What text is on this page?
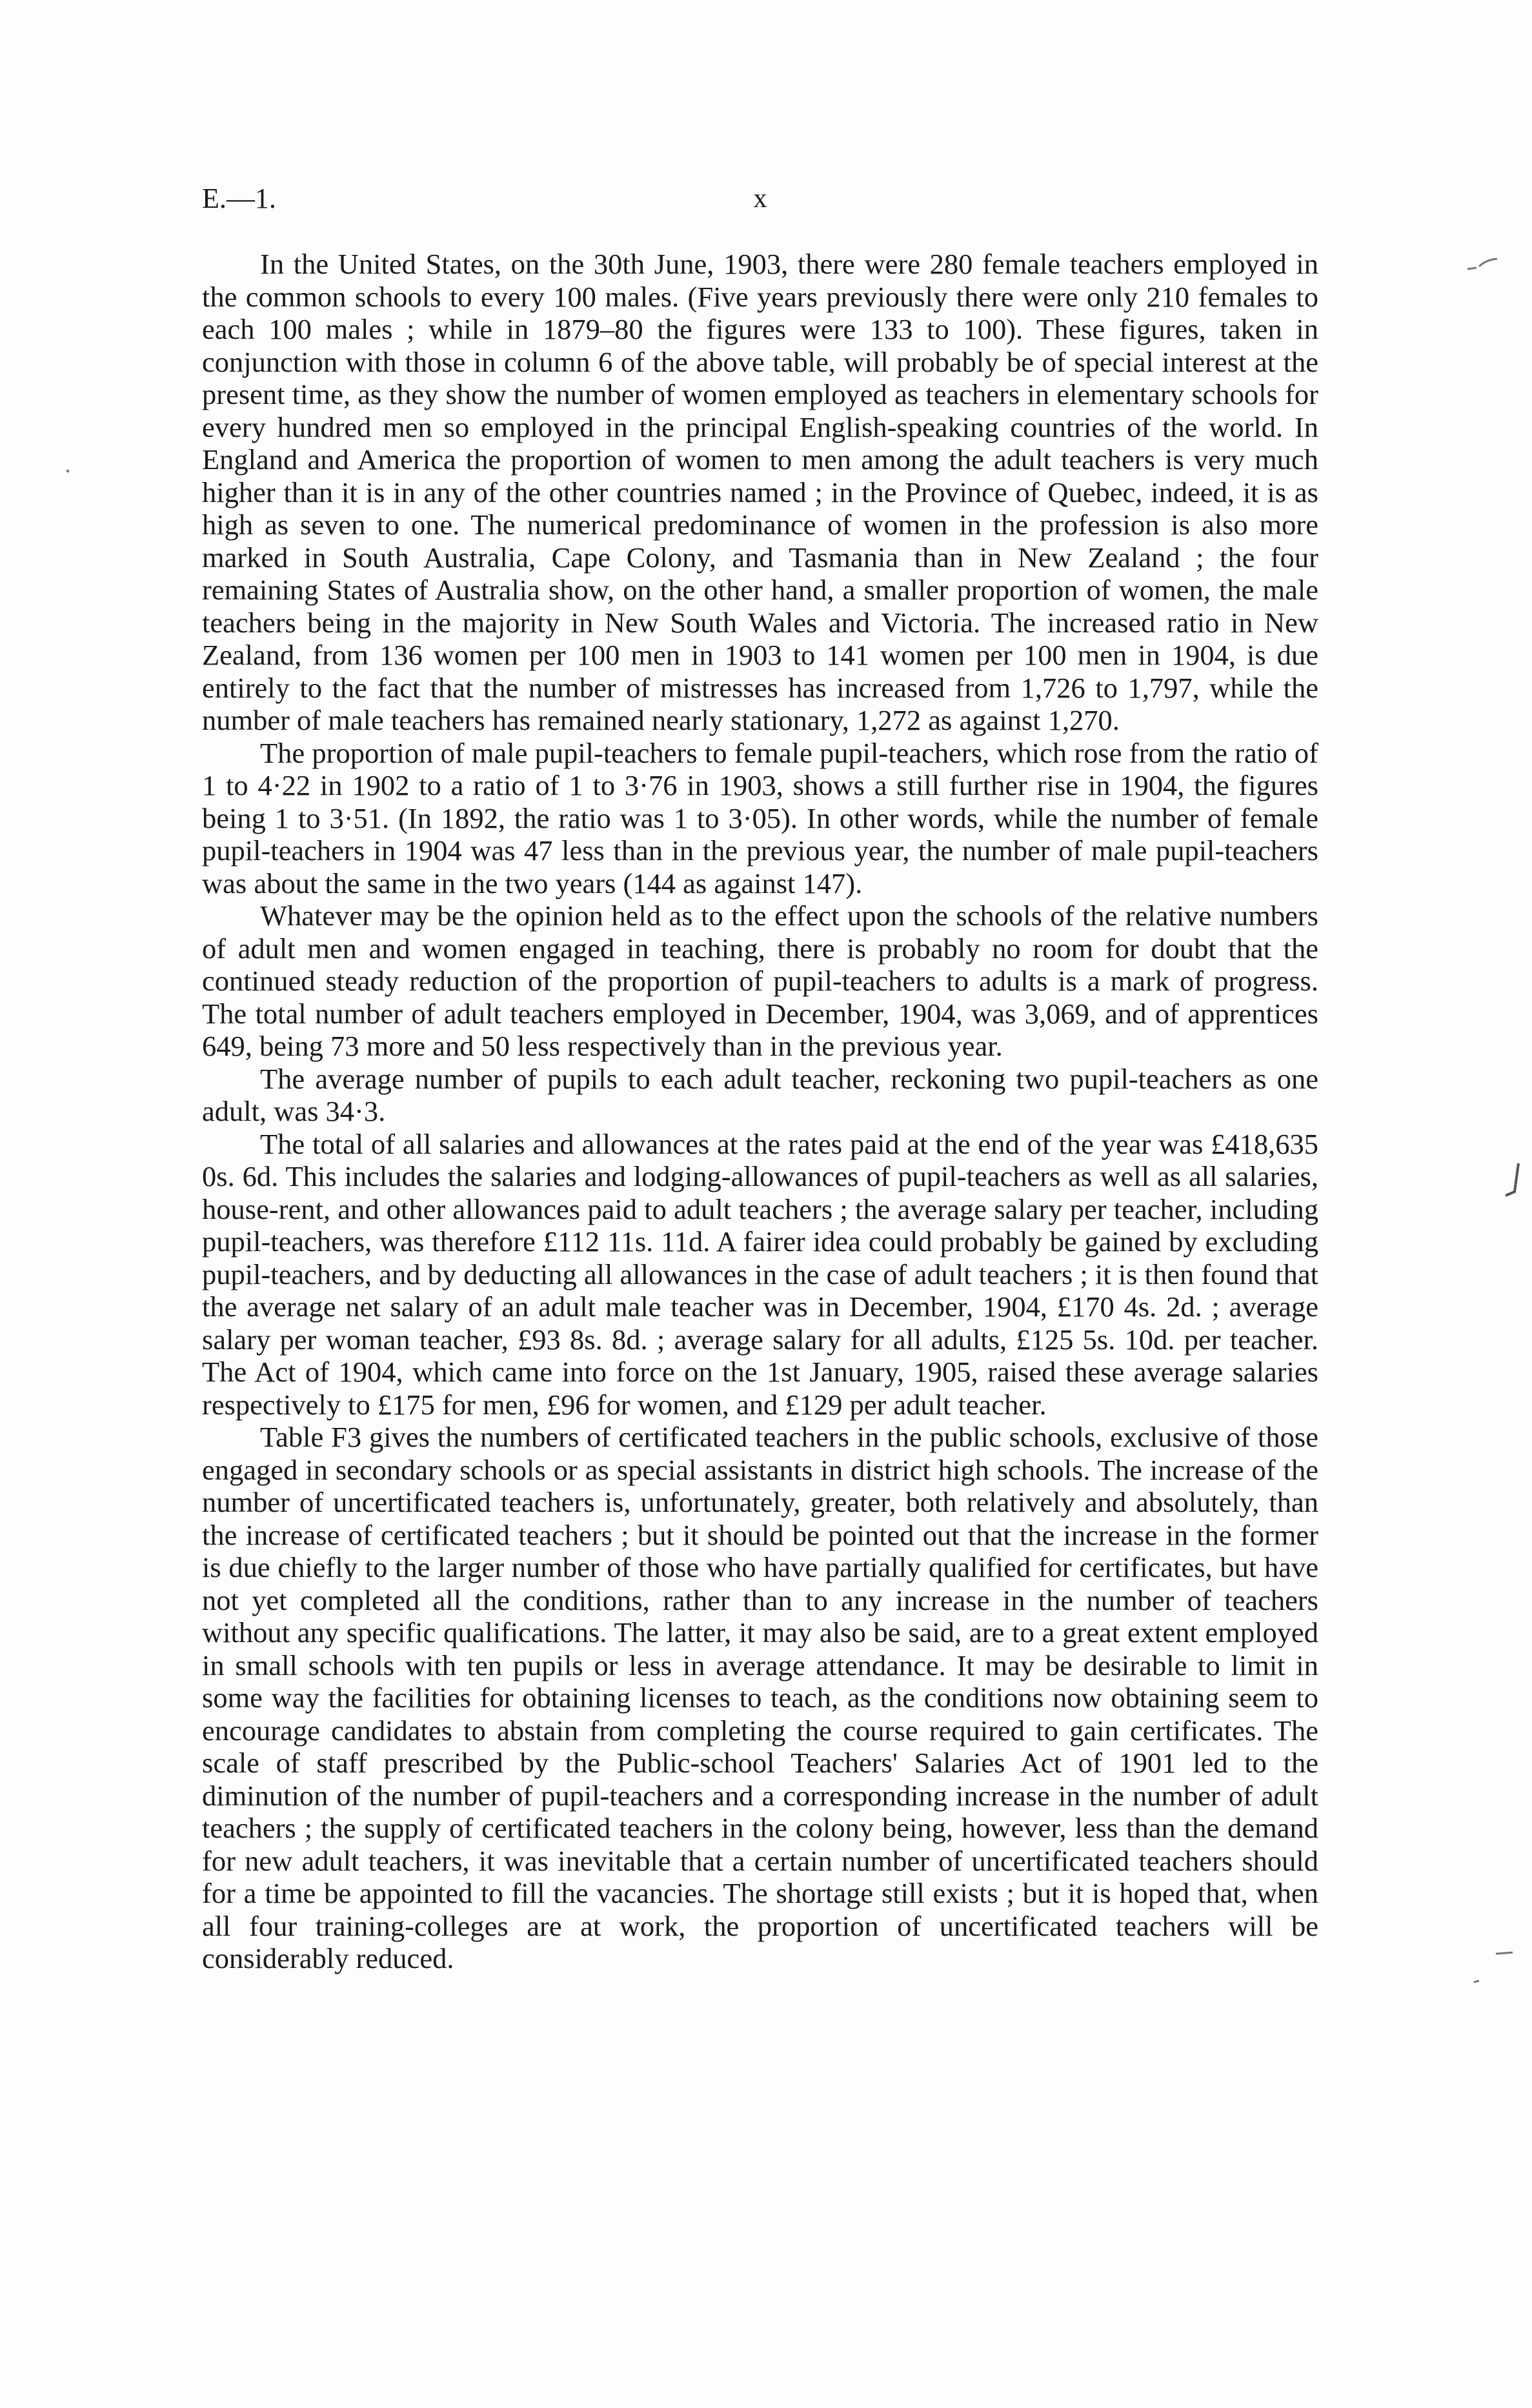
E.—1.	x

In the United States, on the 30th June, 1903, there were 280 female teachers employed in the common schools to every 100 males. (Five years previously there were only 210 females to each 100 males ; while in 1879–80 the figures were 133 to 100). These figures, taken in conjunction with those in column 6 of the above table, will probably be of special interest at the present time, as they show the number of women employed as teachers in elementary schools for every hundred men so employed in the principal English-speaking countries of the world. In England and America the proportion of women to men among the adult teachers is very much higher than it is in any of the other countries named ; in the Province of Quebec, indeed, it is as high as seven to one. The numerical predominance of women in the profession is also more marked in South Australia, Cape Colony, and Tasmania than in New Zealand ; the four remaining States of Australia show, on the other hand, a smaller proportion of women, the male teachers being in the majority in New South Wales and Victoria. The increased ratio in New Zealand, from 136 women per 100 men in 1903 to 141 women per 100 men in 1904, is due entirely to the fact that the number of mistresses has increased from 1,726 to 1,797, while the number of male teachers has remained nearly stationary, 1,272 as against 1,270.

The proportion of male pupil-teachers to female pupil-teachers, which rose from the ratio of 1 to 4·22 in 1902 to a ratio of 1 to 3·76 in 1903, shows a still further rise in 1904, the figures being 1 to 3·51. (In 1892, the ratio was 1 to 3·05). In other words, while the number of female pupil-teachers in 1904 was 47 less than in the previous year, the number of male pupil-teachers was about the same in the two years (144 as against 147).

Whatever may be the opinion held as to the effect upon the schools of the relative numbers of adult men and women engaged in teaching, there is probably no room for doubt that the continued steady reduction of the proportion of pupil-teachers to adults is a mark of progress. The total number of adult teachers employed in December, 1904, was 3,069, and of apprentices 649, being 73 more and 50 less respectively than in the previous year.

The average number of pupils to each adult teacher, reckoning two pupil-teachers as one adult, was 34·3.

The total of all salaries and allowances at the rates paid at the end of the year was £418,635 0s. 6d. This includes the salaries and lodging-allowances of pupil-teachers as well as all salaries, house-rent, and other allowances paid to adult teachers ; the average salary per teacher, including pupil-teachers, was therefore £112 11s. 11d. A fairer idea could probably be gained by excluding pupil-teachers, and by deducting all allowances in the case of adult teachers ; it is then found that the average net salary of an adult male teacher was in December, 1904, £170 4s. 2d. ; average salary per woman teacher, £93 8s. 8d. ; average salary for all adults, £125 5s. 10d. per teacher. The Act of 1904, which came into force on the 1st January, 1905, raised these average salaries respectively to £175 for men, £96 for women, and £129 per adult teacher.

Table F3 gives the numbers of certificated teachers in the public schools, exclusive of those engaged in secondary schools or as special assistants in district high schools. The increase of the number of uncertificated teachers is, unfortunately, greater, both relatively and absolutely, than the increase of certificated teachers ; but it should be pointed out that the increase in the former is due chiefly to the larger number of those who have partially qualified for certificates, but have not yet completed all the conditions, rather than to any increase in the number of teachers without any specific qualifications. The latter, it may also be said, are to a great extent employed in small schools with ten pupils or less in average attendance. It may be desirable to limit in some way the facilities for obtaining licenses to teach, as the conditions now obtaining seem to encourage candidates to abstain from completing the course required to gain certificates. The scale of staff prescribed by the Public-school Teachers' Salaries Act of 1901 led to the diminution of the number of pupil-teachers and a corresponding increase in the number of adult teachers ; the supply of certificated teachers in the colony being, however, less than the demand for new adult teachers, it was inevitable that a certain number of uncertificated teachers should for a time be appointed to fill the vacancies. The shortage still exists ; but it is hoped that, when all four training-colleges are at work, the proportion of uncertificated teachers will be considerably reduced.
